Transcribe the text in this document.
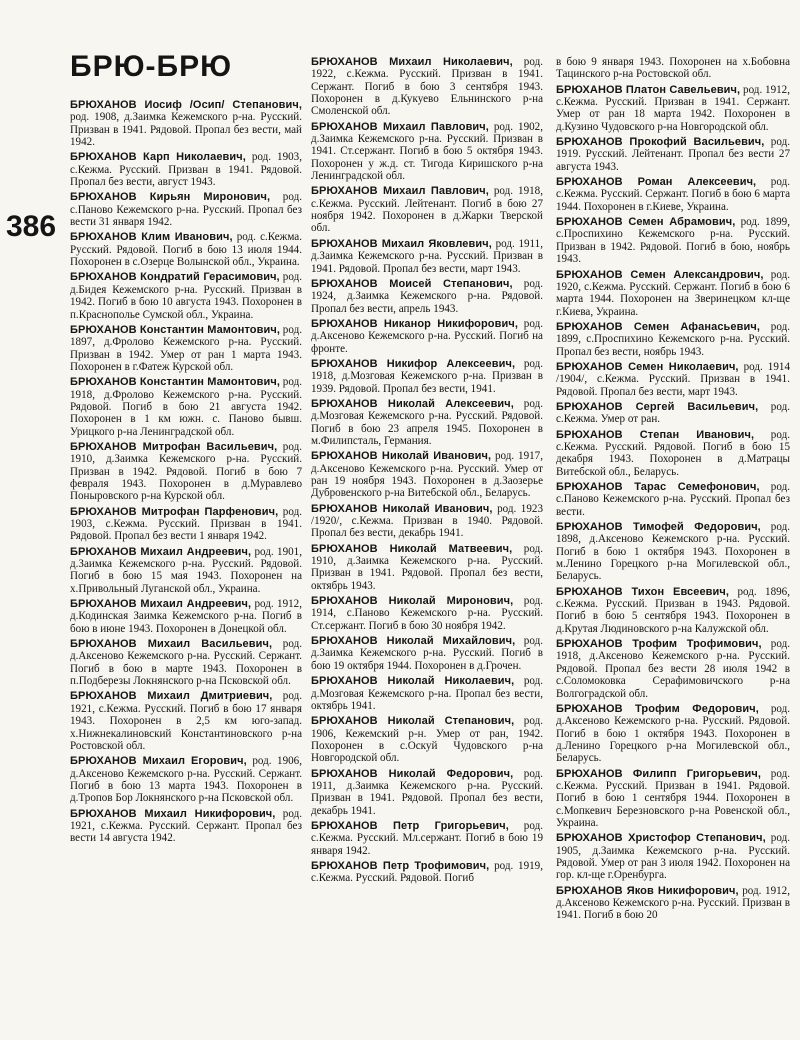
БРЮ-БРЮ
386

БРЮХАНОВ Иосиф /Осип/ Степанович, род. 1908, д.Заимка Кежемского р-на. Русский. Призван в 1941. Рядовой. Пропал без вести, май 1942.

БРЮХАНОВ Карп Николаевич, род. 1903, с.Кежма. Русский. Призван в 1941. Рядовой. Пропал без вести, август 1943.

БРЮХАНОВ Кирьян Миронович, род. с.Паново Кежемского р-на. Русский. Пропал без вести 31 января 1942.

БРЮХАНОВ Клим Иванович, род. с.Кежма. Русский. Рядовой. Погиб в бою 13 июля 1944. Похоронен в с.Озерце Волынской обл., Украина.

БРЮХАНОВ Кондратий Герасимович, род. д.Бидея Кежемского р-на. Русский. Призван в 1942. Погиб в бою 10 августа 1943. Похоронен в п.Краснополье Сумской обл., Украина.

БРЮХАНОВ Константин Мамонтович, род. 1897, д.Фролово Кежемского р-на. Русский. Призван в 1942. Умер от ран 1 марта 1943. Похоронен в г.Фатеж Курской обл.

БРЮХАНОВ Константин Мамонтович, род. 1918, д.Фролово Кежемского р-на. Русский. Рядовой. Погиб в бою 21 августа 1942. Похоронен в 1 км южн. с. Паново бывш. Урицкого р-на Ленинградской обл.

БРЮХАНОВ Митрофан Васильевич, род. 1910, д.Заимка Кежемского р-на. Русский. Призван в 1942. Рядовой. Погиб в бою 7 февраля 1943. Похоронен в д.Муравлево Поныровского р-на Курской обл.

БРЮХАНОВ Митрофан Парфенович, род. 1903, с.Кежма. Русский. Призван в 1941. Рядовой. Пропал без вести 1 января 1942.

БРЮХАНОВ Михаил Андреевич, род. 1901, д.Заимка Кежемского р-на. Русский. Рядовой. Погиб в бою 15 мая 1943. Похоронен на х.Привольный Луганской обл., Украина.

БРЮХАНОВ Михаил Андреевич, род. 1912, д.Кодинская Заимка Кежемского р-на. Погиб в бою в июне 1943. Похоронен в Донецкой обл.

БРЮХАНОВ Михаил Васильевич, род. д.Аксеново Кежемского р-на. Русский. Сержант. Погиб в бою в марте 1943. Похоронен в п.Подберезы Локнянского р-на Псковской обл.

БРЮХАНОВ Михаил Дмитриевич, род. 1921, с.Кежма. Русский. Погиб в бою 17 января 1943. Похоронен в 2,5 км юго-запад. х.Нижнекалиновский Константиновского р-на Ростовской обл.

БРЮХАНОВ Михаил Егорович, род. 1906, д.Аксеново Кежемского р-на. Русский. Сержант. Погиб в бою 13 марта 1943. Похоронен в д.Тропов Бор Локнянского р-на Псковской обл.

БРЮХАНОВ Михаил Никифорович, род. 1921, с.Кежма. Русский. Сержант. Пропал без вести 14 августа 1942.

БРЮХАНОВ Михаил Николаевич, род. 1922, с.Кежма. Русский. Призван в 1941. Сержант. Погиб в бою 3 сентября 1943. Похоронен в д.Кукуево Ельнинского р-на Смоленской обл.

БРЮХАНОВ Михаил Павлович, род. 1902, д.Заимка Кежемского р-на. Русский. Призван в 1941. Ст.сержант. Погиб в бою 5 октября 1943. Похоронен у ж.д. ст. Тигода Киришского р-на Ленинградской обл.

БРЮХАНОВ Михаил Павлович, род. 1918, с.Кежма. Русский. Лейтенант. Погиб в бою 27 ноября 1942. Похоронен в д.Жарки Тверской обл.

БРЮХАНОВ Михаил Яковлевич, род. 1911, д.Заимка Кежемского р-на. Русский. Призван в 1941. Рядовой. Пропал без вести, март 1943.

БРЮХАНОВ Моисей Степанович, род. 1924, д.Заимка Кежемского р-на. Рядовой. Пропал без вести, апрель 1943.

БРЮХАНОВ Никанор Никифорович, род. д.Аксеново Кежемского р-на. Русский. Погиб на фронте.

БРЮХАНОВ Никифор Алексеевич, род. 1918, д.Мозговая Кежемского р-на. Призван в 1939. Рядовой. Пропал без вести, 1941.

БРЮХАНОВ Николай Алексеевич, род. д.Мозговая Кежемского р-на. Русский. Рядовой. Погиб в бою 23 апреля 1945. Похоронен в м.Филипсталь, Германия.

БРЮХАНОВ Николай Иванович, род. 1917, д.Аксеново Кежемского р-на. Русский. Умер от ран 19 ноября 1943. Похоронен в д.Заозерье Дубровенского р-на Витебской обл., Беларусь.

БРЮХАНОВ Николай Иванович, род. 1923 /1920/, с.Кежма. Призван в 1940. Рядовой. Пропал без вести, декабрь 1941.

БРЮХАНОВ Николай Матвеевич, род. 1910, д.Заимка Кежемского р-на. Русский. Призван в 1941. Рядовой. Пропал без вести, октябрь 1943.

БРЮХАНОВ Николай Миронович, род. 1914, с.Паново Кежемского р-на. Русский. Ст.сержант. Погиб в бою 30 ноября 1942.

БРЮХАНОВ Николай Михайлович, род. д.Заимка Кежемского р-на. Русский. Погиб в бою 19 октября 1944. Похоронен в д.Грочен.

БРЮХАНОВ Николай Николаевич, род. д.Мозговая Кежемского р-на. Пропал без вести, октябрь 1941.

БРЮХАНОВ Николай Степанович, род. 1906, Кежемский р-н. Умер от ран, 1942. Похоронен в с.Оскуй Чудовского р-на Новгородской обл.

БРЮХАНОВ Николай Федорович, род. 1911, д.Заимка Кежемского р-на. Русский. Призван в 1941. Рядовой. Пропал без вести, декабрь 1941.

БРЮХАНОВ Петр Григорьевич, род. с.Кежма. Русский. Мл.сержант. Погиб в бою 19 января 1942.

БРЮХАНОВ Петр Трофимович, род. 1919, с.Кежма. Русский. Рядовой. Погиб

в бою 9 января 1943. Похоронен на х.Бобовна Тацинского р-на Ростовской обл.

БРЮХАНОВ Платон Савельевич, род. 1912, с.Кежма. Русский. Призван в 1941. Сержант. Умер от ран 18 марта 1942. Похоронен в д.Кузино Чудовского р-на Новгородской обл.

БРЮХАНОВ Прокофий Васильевич, род. 1919. Русский. Лейтенант. Пропал без вести 27 августа 1943.

БРЮХАНОВ Роман Алексеевич, род. с.Кежма. Русский. Сержант. Погиб в бою 6 марта 1944. Похоронен в г.Киеве, Украина.

БРЮХАНОВ Семен Абрамович, род. 1899, с.Проспихино Кежемского р-на. Русский. Призван в 1942. Рядовой. Погиб в бою, ноябрь 1943.

БРЮХАНОВ Семен Александрович, род. 1920, с.Кежма. Русский. Сержант. Погиб в бою 6 марта 1944. Похоронен на Зверинецком кл-ще г.Киева, Украина.

БРЮХАНОВ Семен Афанасьевич, род. 1899, с.Проспихино Кежемского р-на. Русский. Пропал без вести, ноябрь 1943.

БРЮХАНОВ Семен Николаевич, род. 1914 /1904/, с.Кежма. Русский. Призван в 1941. Рядовой. Пропал без вести, март 1943.

БРЮХАНОВ Сергей Васильевич, род. с.Кежма. Умер от ран.

БРЮХАНОВ Степан Иванович, род. с.Кежма. Русский. Рядовой. Погиб в бою 15 декабря 1943. Похоронен в д.Матрацы Витебской обл., Беларусь.

БРЮХАНОВ Тарас Семефонович, род. с.Паново Кежемского р-на. Русский. Пропал без вести.

БРЮХАНОВ Тимофей Федорович, род. 1898, д.Аксеново Кежемского р-на. Русский. Погиб в бою 1 октября 1943. Похоронен в м.Ленино Горецкого р-на Могилевской обл., Беларусь.

БРЮХАНОВ Тихон Евсеевич, род. 1896, с.Кежма. Русский. Призван в 1943. Рядовой. Погиб в бою 5 сентября 1943. Похоронен в д.Крутая Людиновского р-на Калужской обл.

БРЮХАНОВ Трофим Трофимович, род. 1918, д.Аксеново Кежемского р-на. Русский. Рядовой. Пропал без вести 28 июля 1942 в с.Соломоковка Серафимовичского р-на Волгоградской обл.

БРЮХАНОВ Трофим Федорович, род. д.Аксеново Кежемского р-на. Русский. Рядовой. Погиб в бою 1 октября 1943. Похоронен в д.Ленино Горецкого р-на Могилевской обл., Беларусь.

БРЮХАНОВ Филипп Григорьевич, род. с.Кежма. Русский. Призван в 1941. Рядовой. Погиб в бою 1 сентября 1944. Похоронен в с.Мопкевич Березновского р-на Ровенской обл., Украина.

БРЮХАНОВ Христофор Степанович, род. 1905, д.Заимка Кежемского р-на. Русский. Рядовой. Умер от ран 3 июля 1942. Похоронен на гор. кл-ще г.Оренбурга.

БРЮХАНОВ Яков Никифорович, род. 1912, д.Аксеново Кежемского р-на. Русский. Призван в 1941. Погиб в бою 20
